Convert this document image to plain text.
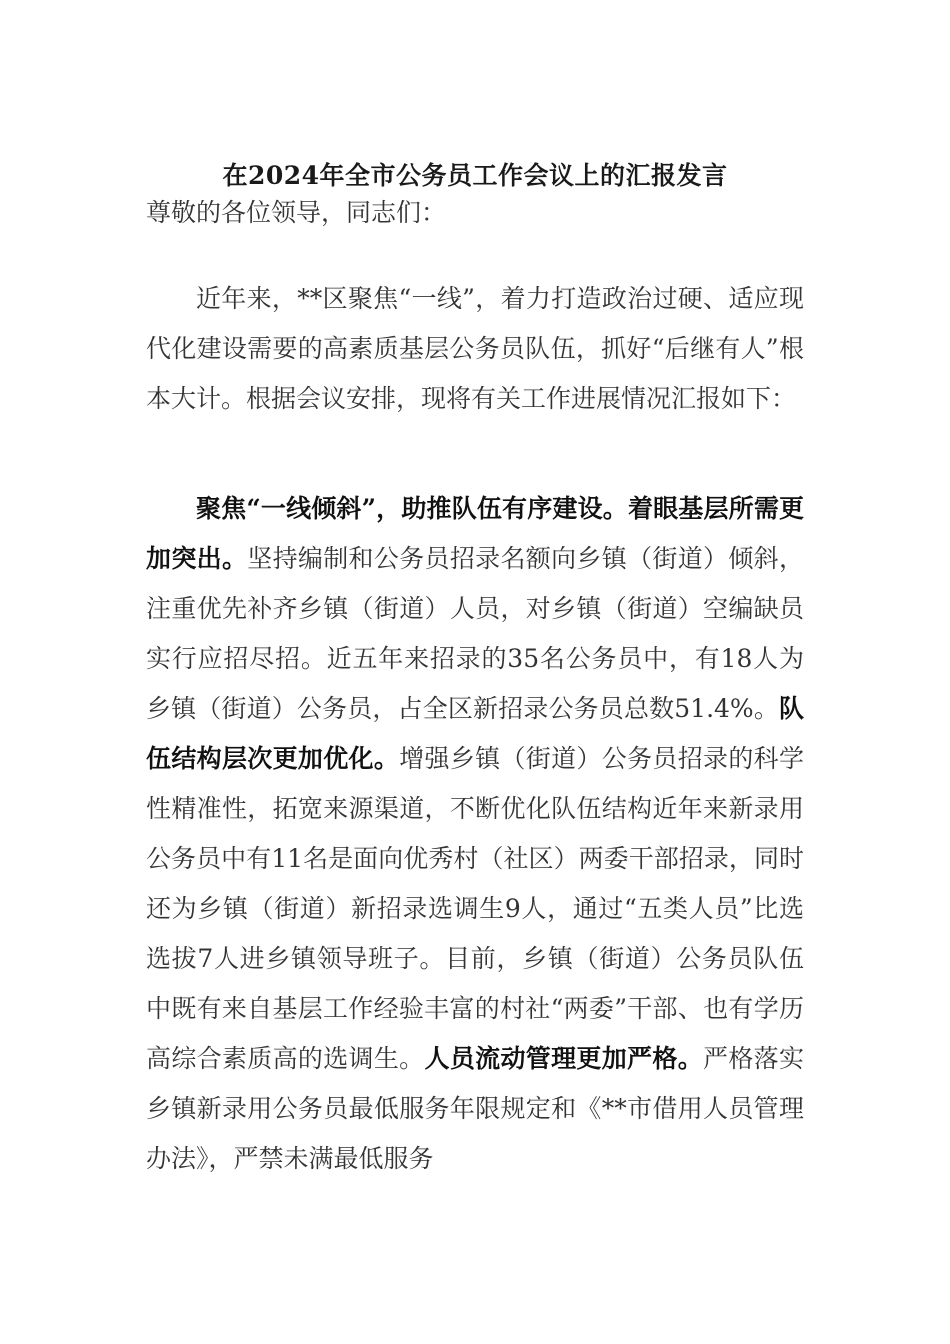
在2024年全市公务员工作会议上的汇报发言
尊敬的各位领导，同志们：
近年来，**区聚焦“一线”，着力打造政治过硬、适应现代化建设需要的高素质基层公务员队伍，抓好“后继有人”根本大计。根据会议安排，现将有关工作进展情况汇报如下：
聚焦“一线倾斜”，助推队伍有序建设。着眼基层所需更加突出。坚持编制和公务员招录名额向乡镇（街道）倾斜，注重优先补齐乡镇（街道）人员，对乡镇（街道）空编缺员实行应招尽招。近五年来招录的35名公务员中，有18人为乡镇（街道）公务员，占全区新招录公务员总数51.4%。队伍结构层次更加优化。增强乡镇（街道）公务员招录的科学性精准性，拓宽来源渠道，不断优化队伍结构近年来新录用公务员中有11名是面向优秀村（社区）两委干部招录，同时还为乡镇（街道）新招录选调生9人，通过“五类人员”比选选拔7人进乡镇领导班子。目前，乡镇（街道）公务员队伍中既有来自基层工作经验丰富的村社“两委”干部、也有学历高综合素质高的选调生。人员流动管理更加严格。严格落实乡镇新录用公务员最低服务年限规定和《**市借用人员管理办法》，严禁未满最低服务
